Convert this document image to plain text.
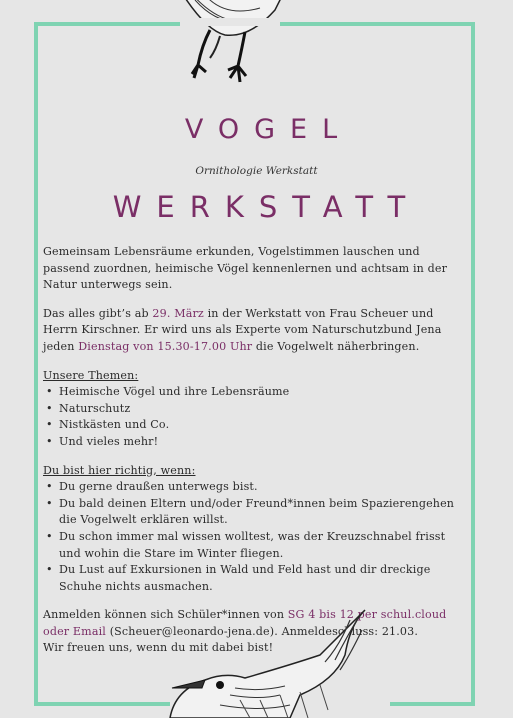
VOGEL
Ornithologie Werkstatt
WERKSTATT

Gemeinsam Lebensräume erkunden, Vogelstimmen lauschen und passend zuordnen, heimische Vögel kennenlernen und achtsam in der Natur unterwegs sein.

Das alles gibt’s ab 29. März in der Werkstatt von Frau Scheuer und Herrn Kirschner. Er wird uns als Experte vom Naturschutzbund Jena jeden Dienstag von 15.30-17.00 Uhr die Vogelwelt näherbringen.

Unsere Themen:
• Heimische Vögel und ihre Lebensräume
• Naturschutz
• Nistkästen und Co.
• Und vieles mehr!
Du bist hier richtig, wenn:
• Du gerne draußen unterwegs bist.
• Du bald deinen Eltern und/oder Freund*innen beim Spazierengehen die Vogelwelt erklären willst.
• Du schon immer mal wissen wolltest, was der Kreuzschnabel frisst und wohin die Stare im Winter fliegen.
• Du Lust auf Exkursionen in Wald und Feld hast und dir dreckige Schuhe nichts ausmachen.
Anmelden können sich Schüler*innen von SG 4 bis 12 per schul.cloud oder Email (Scheuer@leonardo-jena.de). Anmeldeschluss: 21.03.
Wir freuen uns, wenn du mit dabei bist!
